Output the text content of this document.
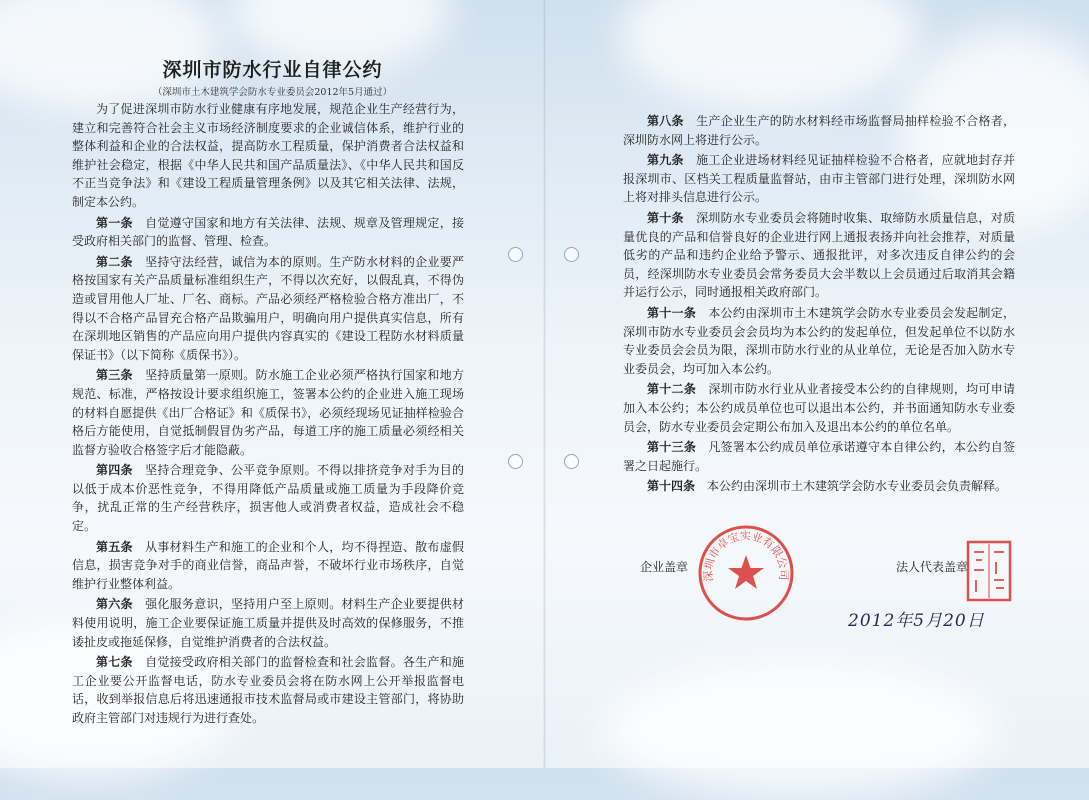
深圳市防水行业自律公约
（深圳市土木建筑学会防水专业委员会2012年5月通过）

为了促进深圳市防水行业健康有序地发展，规范企业生产经营行为，建立和完善符合社会主义市场经济制度要求的企业诚信体系，维护行业的整体利益和企业的合法权益，提高防水工程质量，保护消费者合法权益和维护社会稳定，根据《中华人民共和国产品质量法》、《中华人民共和国反不正当竞争法》和《建设工程质量管理条例》以及其它相关法律、法规，制定本公约。

第一条　自觉遵守国家和地方有关法律、法规、规章及管理规定，接受政府相关部门的监督、管理、检查。

第二条　坚持守法经营，诚信为本的原则。生产防水材料的企业要严格按国家有关产品质量标准组织生产，不得以次充好，以假乱真，不得伪造或冒用他人厂址、厂名、商标。产品必须经严格检验合格方准出厂，不得以不合格产品冒充合格产品欺骗用户，明确向用户提供真实信息，所有在深圳地区销售的产品应向用户提供内容真实的《建设工程防水材料质量保证书》（以下简称《质保书》）。

第三条　坚持质量第一原则。防水施工企业必须严格执行国家和地方规范、标准，严格按设计要求组织施工，签署本公约的企业进入施工现场的材料自愿提供《出厂合格证》和《质保书》，必须经现场见证抽样检验合格后方能使用，自觉抵制假冒伪劣产品，每道工序的施工质量必须经相关监督方验收合格签字后才能隐蔽。

第四条　坚持合理竞争、公平竞争原则。不得以排挤竞争对手为目的以低于成本价恶性竞争，不得用降低产品质量或施工质量为手段降价竞争，扰乱正常的生产经营秩序，损害他人或消费者权益，造成社会不稳定。

第五条　从事材料生产和施工的企业和个人，均不得捏造、散布虚假信息，损害竞争对手的商业信誉，商品声誉，不破坏行业市场秩序，自觉维护行业整体利益。

第六条　强化服务意识，坚持用户至上原则。材料生产企业要提供材料使用说明，施工企业要保证施工质量并提供及时高效的保修服务，不推诿扯皮或拖延保修，自觉维护消费者的合法权益。

第七条　自觉接受政府相关部门的监督检查和社会监督。各生产和施工企业要公开监督电话，防水专业委员会将在防水网上公开举报监督电话，收到举报信息后将迅速通报市技术监督局或市建设主管部门，将协助政府主管部门对违规行为进行查处。

第八条　生产企业生产的防水材料经市场监督局抽样检验不合格者，深圳防水网上将进行公示。

第九条　施工企业进场材料经见证抽样检验不合格者，应就地封存并报深圳市、区档关工程质量监督站，由市主管部门进行处理，深圳防水网上将对排头信息进行公示。

第十条　深圳防水专业委员会将随时收集、取缔防水质量信息，对质量优良的产品和信誉良好的企业进行网上通报表扬并向社会推荐，对质量低劣的产品和违约企业给予警示、通报批评，对多次违反自律公约的会员，经深圳防水专业委员会常务委员大会半数以上会员通过后取消其会籍并运行公示，同时通报相关政府部门。

第十一条　本公约由深圳市土木建筑学会防水专业委员会发起制定，深圳市防水专业委员会会员均为本公约的发起单位，但发起单位不以防水专业委员会会员为限，深圳市防水行业的从业单位，无论是否加入防水专业委员会，均可加入本公约。

第十二条　深圳市防水行业从业者接受本公约的自律规则，均可申请加入本公约；本公约成员单位也可以退出本公约，并书面通知防水专业委员会，防水专业委员会定期公布加入及退出本公约的单位名单。

第十三条　凡签署本公约成员单位承诺遵守本自律公约，本公约自签署之日起施行。

第十四条　本公约由深圳市土木建筑学会防水专业委员会负责解释。

企业盖章	法人代表盖章
深圳市卓宝实业有限公司
2012年5月20日
